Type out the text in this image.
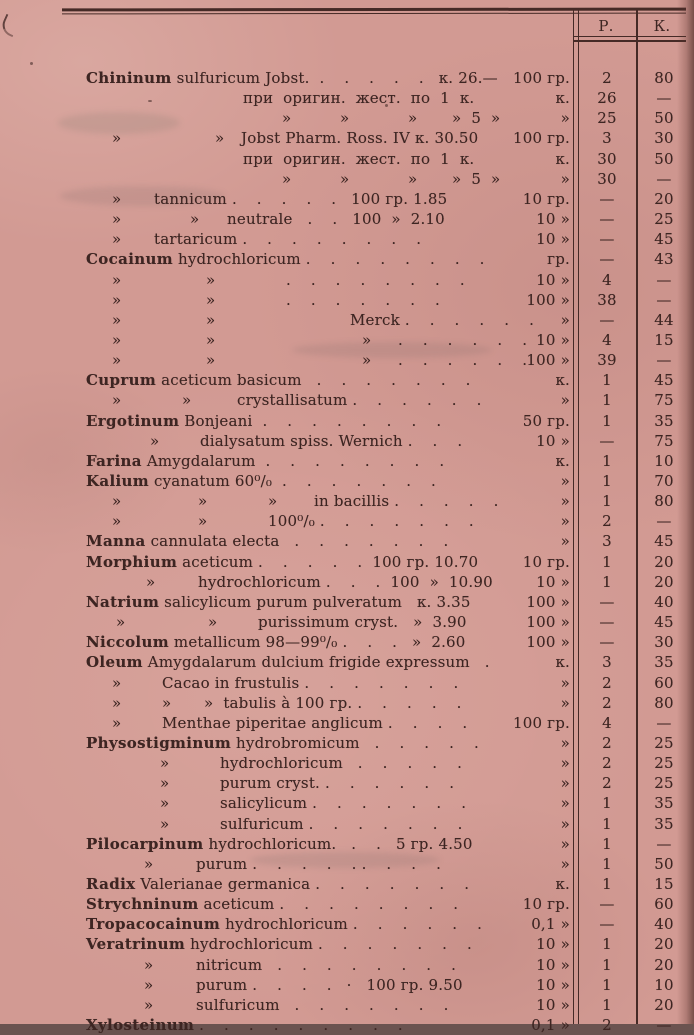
Р.	К.
Chininum sulfuricum Jobst.  .    .    .    .    .   к. 26.— 100 гр.	2	80
при  оригин.  жест.  по  1  к.	к.	26	—
»	»	» »  5  »	»	25	50
»	» Jobst Pharm. Ross. IV к. 30.50 100 гр.	3	30
при  оригин.  жест.  по  1  к.	к.	30	50
»	»	» »  5  »	»	30	—
» tannicum .    .    .    .    .   100 гр. 1.85	10 гр.	—	20
»	» neutrale   .    .   100  »  2.10	10 »	—	25
» tartaricum .    .    .    .    .    .    .    .	10 »	—	45
Cocainum hydrochloricum .    .    .    .    .    .    .    .	гр.	—	43
»	»	.    .    .    .    .    .    .    .	10 »	4	—
»	»	.    .    .    .    .    .    .	100 »	38	—
»	»	Merck .    .    .    .    .    . »	—	44
»	»	» .    .    .    .    .    . 10 »	4	15
»	»	» .    .    .    .    .    . 100 »	39	—
Cuprum aceticum basicum   .    .    .    .    .    .    .	к.	1	45
»	»	crystallisatum .    .    .    .    .    .	»	1	75
Ergotinum Bonjeani  .    .    .    .    .    .    .    .	50 гр.	1	35
»	dialysatum spiss. Wernich .    .    .	10 »	—	75
Farina Amygdalarum  .    .    .    .    .    .    .    .	к.	1	10
Kalium cyanatum 60⁰/₀  .    .    .    .    .    .    .	»	1	70
»	»	» in bacillis .    .    .    .    .	»	1	80
»	»	100⁰/₀ .    .    .    .    .    .    .	»	2	—
Manna cannulata electa   .    .    .    .    .    .    .	»	3	45
Morphium aceticum .    .    .    .    .  100 гр. 10.70	10 гр.	1	20
»	hydrochloricum .    .    .  100  »  10.90	10 »	1	20
Natrium salicylicum purum pulveratum   к. 3.35	100 »	—	40
»	»	purissimum cryst.   »  3.90	100 »	—	45
Niccolum metallicum 98—99⁰/₀ .    .    .   »  2.60	100 »	—	30
Oleum Amygdalarum dulcium frigide expressum   .	к.	3	35
»	Cacao in frustulis .    .    .    .    .    .    .	»	2	60
»	» »  tabulis à 100 гр. .    .    .    .    .	»	2	80
»	Menthae piperitae anglicum .    .    .    .	100 гр.	4	—
Physostigminum hydrobromicum   .    .    .    .    .	»	2	25
»	hydrochloricum   .    .    .    .    .	»	2	25
»	purum cryst. .    .    .    .    .    .	»	2	25
»	salicylicum .    .    .    .    .    .    .	»	1	35
»	sulfuricum .    .    .    .    .    .    .	»	1	35
Pilocarpinum hydrochloricum.   .    .   5 гр. 4.50	»	1	—
»	purum .    .    .    .    . .    .    .    .	»	1	50
Radix Valerianae germanica .    .    .    .    .    .    .	к.	1	15
Strychninum aceticum .    .    .    .    .    .    .    .	10 гр.	—	60
Tropacocainum hydrochloricum .    .    .    .    .    .	0,1 »	—	40
Veratrinum hydrochloricum .    .    .    .    .    .    .	10 »	1	20
»	nitricum   .    .    .    .    .    .    .    .	10 »	1	20
»	purum .    .    .    .   ·   100 гр. 9.50	10 »	1	10
»	sulfuricum   .    .    .    .    .    .    .	10 »	1	20
Xylosteinum .    .    .    .    .    .    .    .    .	0,1 »	2	—
